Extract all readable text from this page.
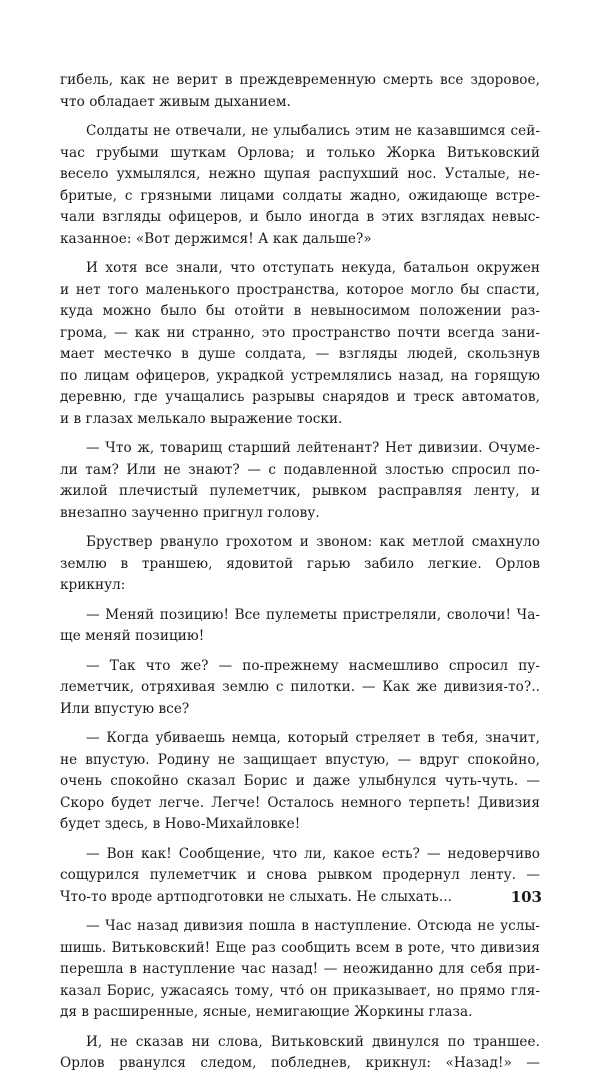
гибель, как не верит в преждевременную смерть все здоровое,
что обладает живым дыханием.
Солдаты не отвечали, не улыбались этим не казавшимся сей-
час грубыми шуткам Орлова; и только Жорка Витьковский
весело ухмылялся, нежно щупая распухший нос. Усталые, не-
бритые, с грязными лицами солдаты жадно, ожидающе встре-
чали взгляды офицеров, и было иногда в этих взглядах невыс-
казанное: «Вот держимся! А как дальше?»
И хотя все знали, что отступать некуда, батальон окружен
и нет того маленького пространства, которое могло бы спасти,
куда можно было бы отойти в невыносимом положении раз-
грома, — как ни странно, это пространство почти всегда зани-
мает местечко в душе солдата, — взгляды людей, скользнув
по лицам офицеров, украдкой устремлялись назад, на горящую
деревню, где учащались разрывы снарядов и треск автоматов,
и в глазах мелькало выражение тоски.
— Что ж, товарищ старший лейтенант? Нет дивизии. Очуме-
ли там? Или не знают? — с подавленной злостью спросил по-
жилой плечистый пулеметчик, рывком расправляя ленту, и
внезапно заученно пригнул голову.
Бруствер рвануло грохотом и звоном: как метлой смахнуло
землю в траншею, ядовитой гарью забило легкие. Орлов
крикнул:
— Меняй позицию! Все пулеметы пристреляли, сволочи! Ча-
ще меняй позицию!
— Так что же? — по-прежнему насмешливо спросил пу-
леметчик, отряхивая землю с пилотки. — Как же дивизия-то?..
Или впустую все?
— Когда убиваешь немца, который стреляет в тебя, значит,
не впустую. Родину не защищает впустую, — вдруг спокойно,
очень спокойно сказал Борис и даже улыбнулся чуть-чуть. —
Скоро будет легче. Легче! Осталось немного терпеть! Дивизия
будет здесь, в Ново-Михайловке!
— Вон как! Сообщение, что ли, какое есть? — недоверчиво
сощурился пулеметчик и снова рывком продернул ленту. —
Что-то вроде артподготовки не слыхать. Не слыхать...
— Час назад дивизия пошла в наступление. Отсюда не услы-
шишь. Витьковский! Еще раз сообщить всем в роте, что дивизия
перешла в наступление час назад! — неожиданно для себя при-
казал Борис, ужасаясь тому, что́ он приказывает, но прямо гля-
дя в расширенные, ясные, немигающие Жоркины глаза.
И, не сказав ни слова, Витьковский двинулся по траншее.
Орлов рванулся следом, побледнев, крикнул: «Назад!» —
103
